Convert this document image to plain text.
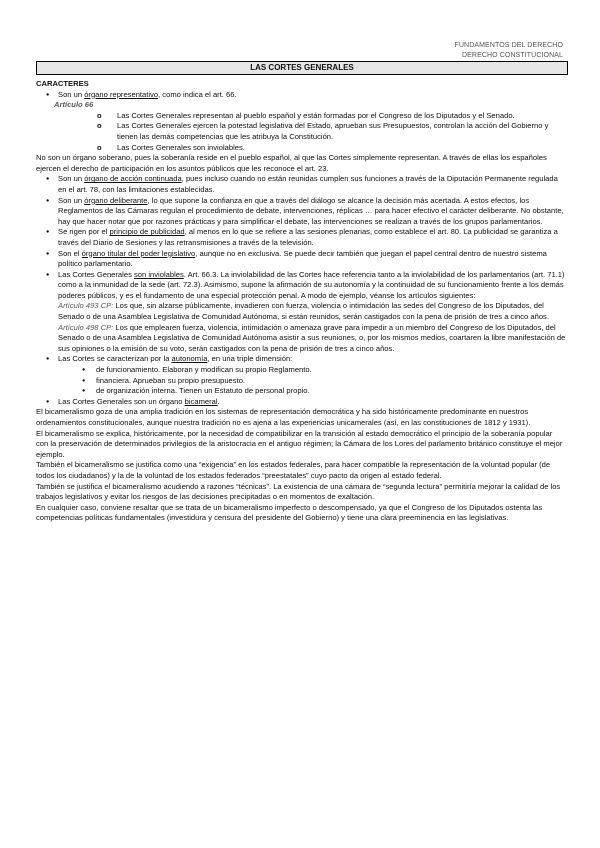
FUNDAMENTOS DEL DERECHO
DERECHO CONSTITUCIONAL
LAS CORTES GENERALES

CARACTERES

● Son un órgano representativo, como indica el art. 66.

Artículo 66

o Las Cortes Generales representan al pueblo español y están formadas por el Congreso de los Diputados y el Senado.

o Las Cortes Generales ejercen la potestad legislativa del Estado, aprueban sus Presupuestos, controlan la acción del Gobierno y tienen las demás competencias que les atribuya la Constitución.

o Las Cortes Generales son inviolables.

No son un órgano soberano, pues la soberanía reside en el pueblo español, al que las Cortes simplemente representan. A través de ellas los españoles ejercen el derecho de participación en los asuntos públicos que les reconoce el art. 23.

● Son un órgano de acción continuada, pues incluso cuando no están reunidas cumplen sus funciones a través de la Diputación Permanente regulada en el art. 78, con las limitaciones establecidas.

● Son un órgano deliberante, lo que supone la confianza en que a través del diálogo se alcance la decisión más acertada. A estos efectos, los Reglamentos de las Cámaras regulan el procedimiento de debate, intervenciones, réplicas … para hacer efectivo el carácter deliberante. No obstante, hay que hacer notar que por razones prácticas y para simplificar el debate, las intervenciones se realizan a través de los grupos parlamentarios.

● Se rigen por el principio de publicidad, al menos en lo que se refiere a las sesiones plenarias, como establece el art. 80. La publicidad se garantiza a través del Diario de Sesiones y las retransmisiones a través de la televisión.

● Son el órgano titular del poder legislativo, aunque no en exclusiva. Se puede decir también que juegan el papel central dentro de nuestro sistema político parlamentario.

● Las Cortes Generales son inviolables. Art. 66.3. La inviolabilidad de las Cortes hace referencia tanto a la inviolabilidad de los parlamentarios (art. 71.1) como a la inmunidad de la sede (art. 72.3). Asimismo, supone la afirmación de su autonomía y la continuidad de su funcionamiento frente a los demás poderes públicos, y es el fundamento de una especial protección penal. A modo de ejemplo, véanse los artículos siguientes:

Artículo 493 CP: Los que, sin alzarse públicamente, invadieren con fuerza, violencia o intimidación las sedes del Congreso de los Diputados, del Senado o de una Asamblea Legislativa de Comunidad Autónoma, si están reunidos, serán castigados con la pena de prisión de tres a cinco años.

Artículo 498 CP: Los que emplearen fuerza, violencia, intimidación o amenaza grave para impedir a un miembro del Congreso de los Diputados, del Senado o de una Asamblea Legislativa de Comunidad Autónoma asistir a sus reuniones, o, por los mismos medios, coartaren la libre manifestación de sus opiniones o la emisión de su voto, serán castigados con la pena de prisión de tres a cinco años.

● Las Cortes se caracterizan por la autonomía, en una triple dimensión:

● de funcionamiento. Elaboran y modifican su propio Reglamento.

● financiera. Aprueban su propio presupuesto.

● de organización interna. Tienen un Estatuto de personal propio.

● Las Cortes Generales son un órgano bicameral.

El bicameralismo goza de una amplia tradición en los sistemas de representación democrática y ha sido históricamente predominante en nuestros ordenamientos constitucionales, aunque nuestra tradición no es ajena a las experiencias unicamerales (así, en las constituciones de 1812 y 1931).

El bicameralismo se explica, históricamente, por la necesidad de compatibilizar en la transición al estado democrático el principio de la soberanía popular con la preservación de determinados privilegios de la aristocracia en el antiguo régimen; la Cámara de los Lores del parlamento británico constituye el mejor ejemplo.

También el bicameralismo se justifica como una “exigencia” en los estados federales, para hacer compatible la representación de la voluntad popular (de todos los ciudadanos) y la de la voluntad de los estados federados “preestatales” cuyo pacto da origen al estado federal.

También se justifica el bicameralismo acudiendo a razones “técnicas”. La existencia de una cámara de “segunda lectura” permitiría mejorar la calidad de los trabajos legislativos y evitar los riesgos de las decisiones precipitadas o en momentos de exaltación.

En cualquier caso, conviene resaltar que se trata de un bicameralismo imperfecto o descompensado, ya que el Congreso de los Diputados ostenta las competencias políticas fundamentales (investidura y censura del presidente del Gobierno) y tiene una clara preeminencia en las legislativas.
